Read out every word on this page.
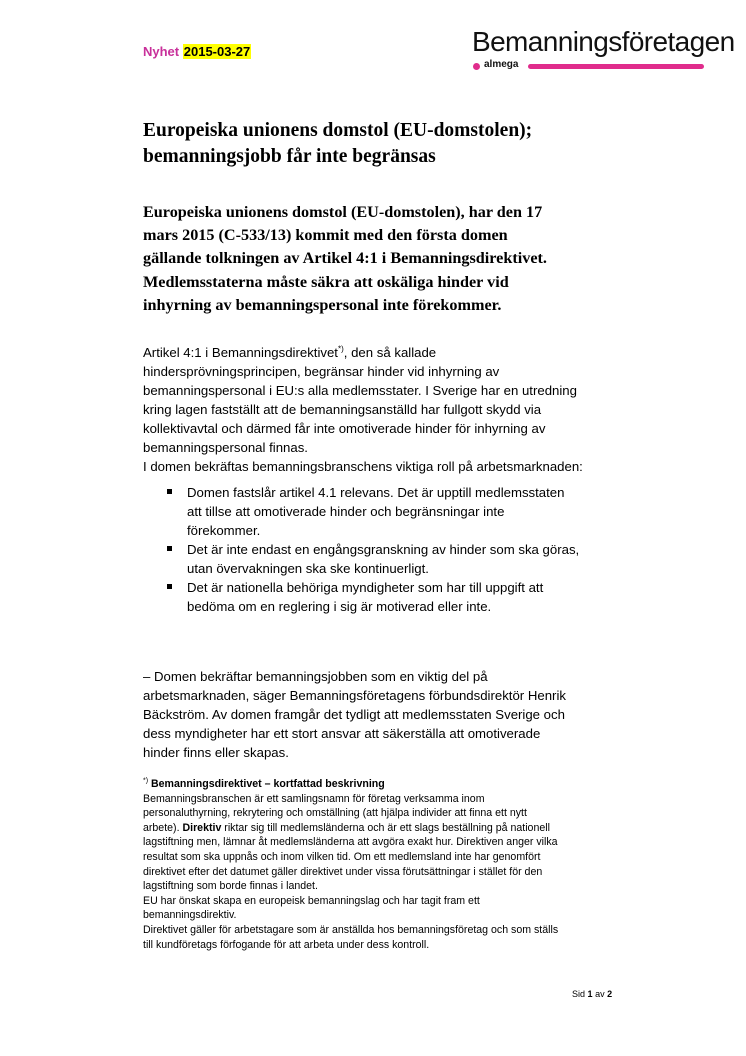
Nyhet 2015-03-27	Bemanningsföretagen
almega
Europeiska unionens domstol (EU-domstolen);
bemanningsjobb får inte begränsas
Europeiska unionens domstol (EU-domstolen), har den 17
mars 2015 (C-533/13) kommit med den första domen
gällande tolkningen av Artikel 4:1 i Bemanningsdirektivet.
Medlemsstaterna måste säkra att oskäliga hinder vid
inhyrning av bemanningspersonal inte förekommer.
Artikel 4:1 i Bemanningsdirektivet*), den så kallade
hindersprövningsprincipen, begränsar hinder vid inhyrning av
bemanningspersonal i EU:s alla medlemsstater. I Sverige har en utredning
kring lagen fastställt att de bemanningsanställd har fullgott skydd via
kollektivavtal och därmed får inte omotiverade hinder för inhyrning av
bemanningspersonal finnas.
I domen bekräftas bemanningsbranschens viktiga roll på arbetsmarknaden:
Domen fastslår artikel 4.1 relevans. Det är upptill medlemsstaten
att tillse att omotiverade hinder och begränsningar inte
förekommer.
Det är inte endast en engångsgranskning av hinder som ska göras,
utan övervakningen ska ske kontinuerligt.
Det är nationella behöriga myndigheter som har till uppgift att
bedöma om en reglering i sig är motiverad eller inte.
– Domen bekräftar bemanningsjobben som en viktig del på
arbetsmarknaden, säger Bemanningsföretagens förbundsdirektör Henrik
Bäckström. Av domen framgår det tydligt att medlemsstaten Sverige och
dess myndigheter har ett stort ansvar att säkerställa att omotiverade
hinder finns eller skapas.
*) Bemanningsdirektivet – kortfattad beskrivning
Bemanningsbranschen är ett samlingsnamn för företag verksamma inom
personaluthyrning, rekrytering och omställning (att hjälpa individer att finna ett nytt
arbete). Direktiv riktar sig till medlemsländerna och är ett slags beställning på nationell
lagstiftning men, lämnar åt medlemsländerna att avgöra exakt hur. Direktiven anger vilka
resultat som ska uppnås och inom vilken tid. Om ett medlemsland inte har genomfört
direktivet efter det datumet gäller direktivet under vissa förutsättningar i stället för den
lagstiftning som borde finnas i landet.
EU har önskat skapa en europeisk bemanningslag och har tagit fram ett
bemanningsdirektiv.
Direktivet gäller för arbetstagare som är anställda hos bemanningsföretag och som ställs
till kundföretags förfogande för att arbeta under dess kontroll.
Sid 1 av 2
